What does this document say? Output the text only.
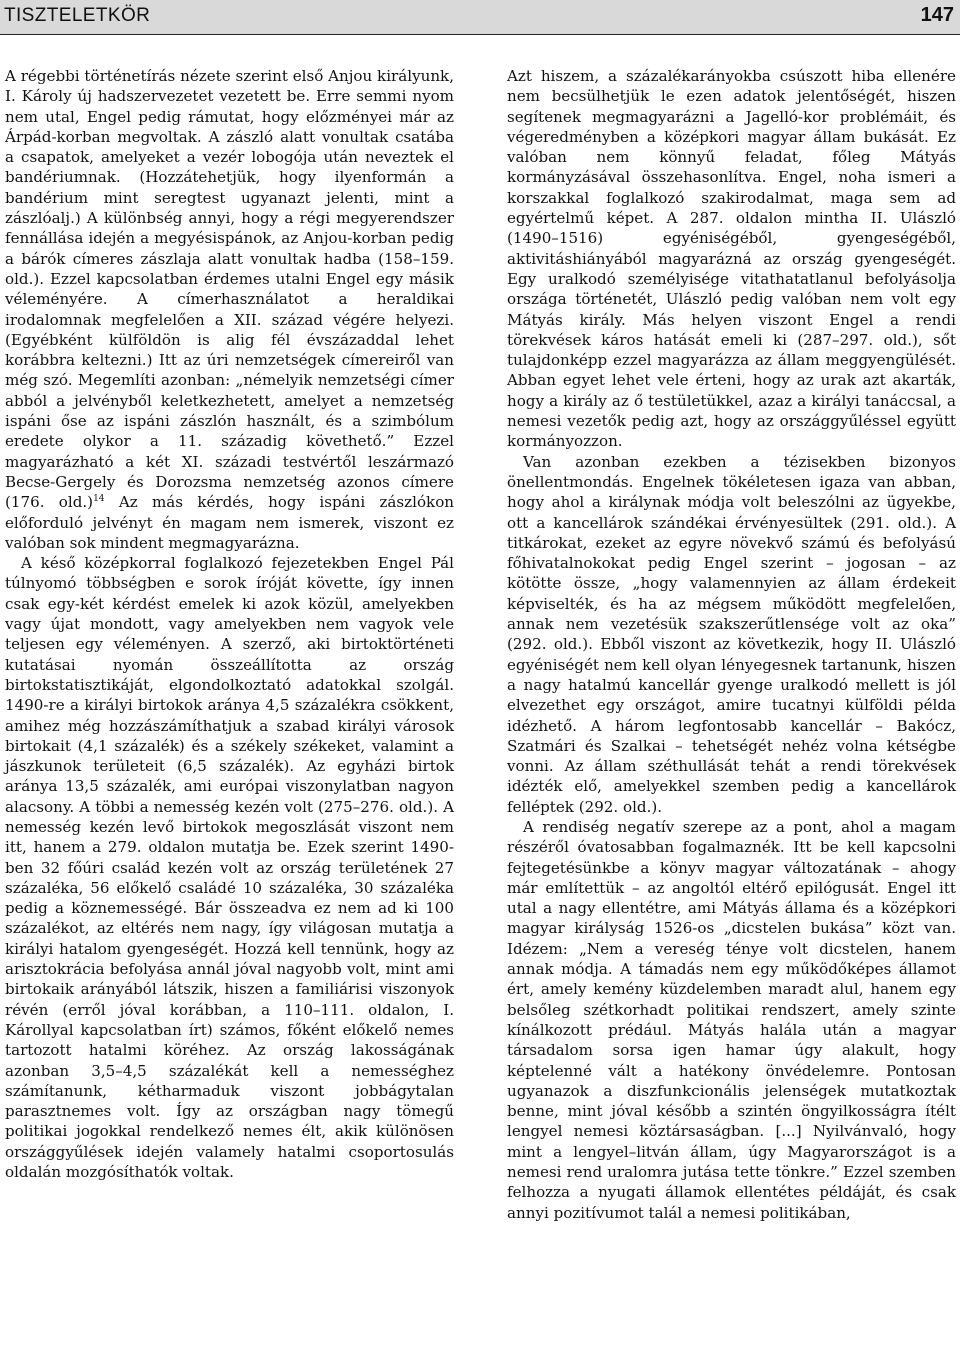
TISZTELETKÖR	147

A régebbi történetírás nézete szerint első Anjou királyunk, I. Károly új hadszervezetet vezetett be. Erre semmi nyom nem utal, Engel pedig rámutat, hogy előzményei már az Árpád-korban megvoltak. A zászló alatt vonultak csatába a csapatok, amelyeket a vezér lobogója után neveztek el bandériumnak. (Hozzátehetjük, hogy ilyenformán a bandérium mint seregtest ugyanazt jelenti, mint a zászlóalj.) A különbség annyi, hogy a régi megyerendszer fennállása idején a megyésispánok, az Anjou-korban pedig a bárók címeres zászlaja alatt vonultak hadba (158–159. old.). Ezzel kapcsolatban érdemes utalni Engel egy másik véleményére. A címerhasználatot a heraldikai irodalomnak megfelelően a XII. század végére helyezi. (Egyébként külföldön is alig fél évszázaddal lehet korábbra keltezni.) Itt az úri nemzetségek címereiről van még szó. Megemlíti azonban: „némelyik nemzetségi címer abból a jelvényből keletkezhetett, amelyet a nemzetség ispáni őse az ispáni zászlón használt, és a szimbólum eredete olykor a 11. századig követhető.” Ezzel magyarázható a két XI. századi testvértől leszármazó Becse-Gergely és Dorozsma nemzetség azonos címere (176. old.)$^{14}$ Az más kérdés, hogy ispáni zászlókon előforduló jelvényt én magam nem ismerek, viszont ez valóban sok mindent megmagyarázna.

A késő középkorral foglalkozó fejezetekben Engel Pál túlnyomó többségben e sorok íróját követte, így innen csak egy-két kérdést emelek ki azok közül, amelyekben vagy újat mondott, vagy amelyekben nem vagyok vele teljesen egy véleményen. A szerző, aki birtoktörténeti kutatásai nyomán összeállította az ország birtokstatisztikáját, elgondolkoztató adatokkal szolgál. 1490-re a királyi birtokok aránya 4,5 százalékra csökkent, amihez még hozzászámíthatjuk a szabad királyi városok birtokait (4,1 százalék) és a székely székeket, valamint a jászkunok területeit (6,5 százalék). Az egyházi birtok aránya 13,5 százalék, ami európai viszonylatban nagyon alacsony. A többi a nemesség kezén volt (275–276. old.). A nemesség kezén levő birtokok megoszlását viszont nem itt, hanem a 279. oldalon mutatja be. Ezek szerint 1490-ben 32 főúri család kezén volt az ország területének 27 százaléka, 56 előkelő családé 10 százaléka, 30 százaléka pedig a köznemességé. Bár összeadva ez nem ad ki 100 százalékot, az eltérés nem nagy, így világosan mutatja a királyi hatalom gyengeségét. Hozzá kell tennünk, hogy az arisztokrácia befolyása annál jóval nagyobb volt, mint ami birtokaik arányából látszik, hiszen a familiárisi viszonyok révén (erről jóval korábban, a 110–111. oldalon, I. Károllyal kapcsolatban írt) számos, főként előkelő nemes tartozott hatalmi köréhez. Az ország lakosságának azonban 3,5–4,5 százalékát kell a nemességhez számítanunk, kétharmaduk viszont jobbágytalan parasztnemes volt. Így az országban nagy tömegű politikai jogokkal rendelkező nemes élt, akik különösen országgyűlések idején valamely hatalmi csoportosulás oldalán mozgósíthatók voltak.

Azt hiszem, a százalékarányokba csúszott hiba ellenére nem becsülhetjük le ezen adatok jelentőségét, hiszen segítenek megmagyarázni a Jagelló-kor problémáit, és végeredményben a középkori magyar állam bukását. Ez valóban nem könnyű feladat, főleg Mátyás kormányzásával összehasonlítva. Engel, noha ismeri a korszakkal foglalkozó szakirodalmat, maga sem ad egyértelmű képet. A 287. oldalon mintha II. Ulászló (1490–1516) egyéniségéből, gyengeségéből, aktivitáshiányából magyarázná az ország gyengeségét. Egy uralkodó személyisége vitathatatlanul befolyásolja országa történetét, Ulászló pedig valóban nem volt egy Mátyás király. Más helyen viszont Engel a rendi törekvések káros hatását emeli ki (287–297. old.), sőt tulajdonképp ezzel magyarázza az állam meggyengülését. Abban egyet lehet vele érteni, hogy az urak azt akarták, hogy a király az ő testületükkel, azaz a királyi tanáccsal, a nemesi vezetők pedig azt, hogy az országgyűléssel együtt kormányozzon.

Van azonban ezekben a tézisekben bizonyos önellentmondás. Engelnek tökéletesen igaza van abban, hogy ahol a királynak módja volt beleszólni az ügyekbe, ott a kancellárok szándékai érvényesültek (291. old.). A titkárokat, ezeket az egyre növekvő számú és befolyású főhivatalnokokat pedig Engel szerint – jogosan – az kötötte össze, „hogy valamennyien az állam érdekeit képviselték, és ha az mégsem működött megfelelően, annak nem vezetésük szakszerűtlensége volt az oka” (292. old.). Ebből viszont az következik, hogy II. Ulászló egyéniségét nem kell olyan lényegesnek tartanunk, hiszen a nagy hatalmú kancellár gyenge uralkodó mellett is jól elvezethet egy országot, amire tucatnyi külföldi példa idézhető. A három legfontosabb kancellár – Bakócz, Szatmári és Szalkai – tehetségét nehéz volna kétségbe vonni. Az állam széthullását tehát a rendi törekvések idézték elő, amelyekkel szemben pedig a kancellárok felléptek (292. old.).

A rendiség negatív szerepe az a pont, ahol a magam részéről óvatosabban fogalmaznék. Itt be kell kapcsolni fejtegetésünkbe a könyv magyar változatának – ahogy már említettük – az angoltól eltérő epilógusát. Engel itt utal a nagy ellentétre, ami Mátyás államа és a középkori magyar királyság 1526-os „dicstelen bukása” közt van. Idézem: „Nem a vereség ténye volt dicstelen, hanem annak módja. A támadás nem egy működőképes államot ért, amely kemény küzdelemben maradt alul, hanem egy belsőleg szétkorhadt politikai rendszert, amely szinte kínálkozott prédául. Mátyás halála után a magyar társadalom sorsa igen hamar úgy alakult, hogy képtelenné vált a hatékony önvédelemre. Pontosan ugyanazok a diszfunkcionális jelenségek mutatkoztak benne, mint jóval később a szintén öngyilkosságra ítélt lengyel nemesi köztársaságban. [...] Nyilvánvaló, hogy mint a lengyel–litván állam, úgy Magyarországot is a nemesi rend uralomra jutása tette tönkre.” Ezzel szemben felhozza a nyugati államok ellentétes példáját, és csak annyi pozitívumot talál a nemesi politikában,
